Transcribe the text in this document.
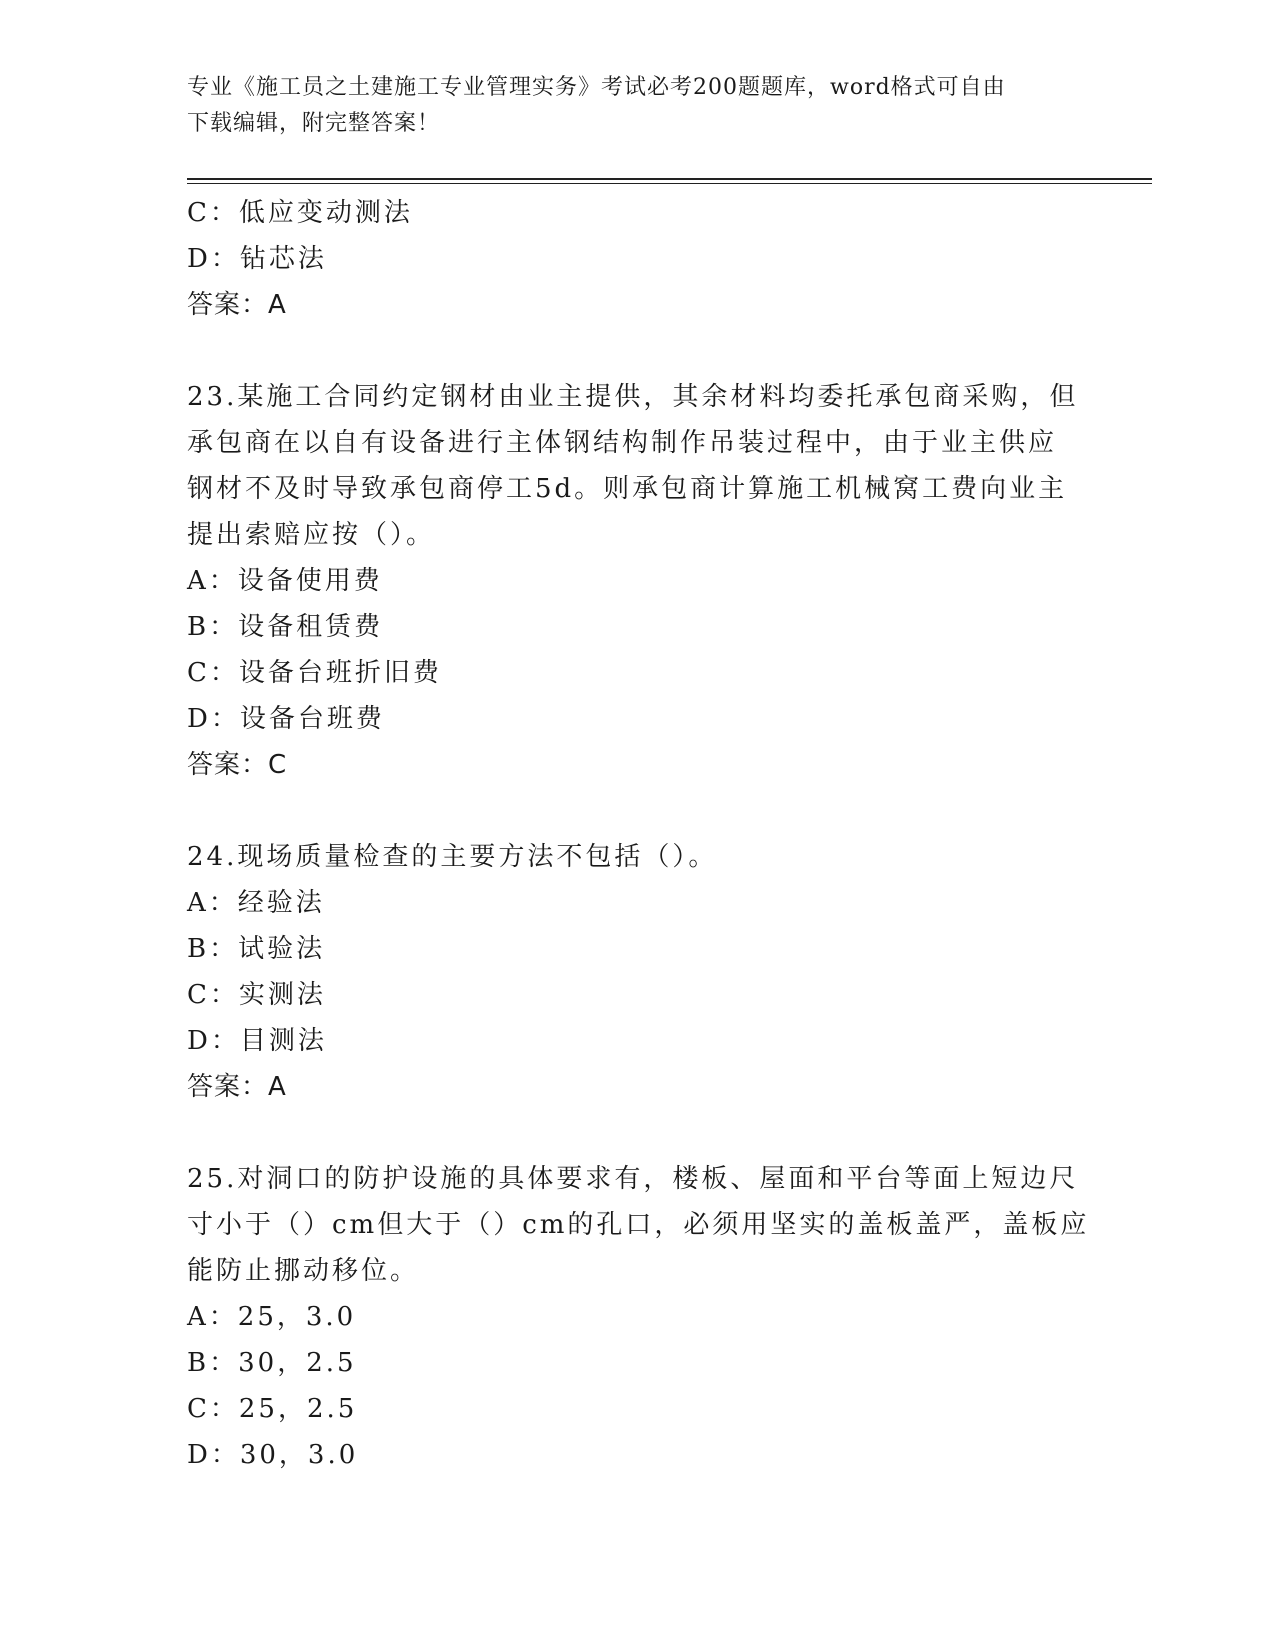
专业《施工员之土建施工专业管理实务》考试必考200题题库，word格式可自由
下载编辑，附完整答案！
C：低应变动测法
D：钻芯法
答案：A
23.某施工合同约定钢材由业主提供，其余材料均委托承包商采购，但
承包商在以自有设备进行主体钢结构制作吊装过程中，由于业主供应
钢材不及时导致承包商停工5d。则承包商计算施工机械窝工费向业主
提出索赔应按（）。
A：设备使用费
B：设备租赁费
C：设备台班折旧费
D：设备台班费
答案：C
24.现场质量检查的主要方法不包括（）。
A：经验法
B：试验法
C：实测法
D：目测法
答案：A
25.对洞口的防护设施的具体要求有，楼板、屋面和平台等面上短边尺
寸小于（）cm但大于（）cm的孔口，必须用坚实的盖板盖严，盖板应
能防止挪动移位。
A：25，3.0
B：30，2.5
C：25，2.5
D：30，3.0
